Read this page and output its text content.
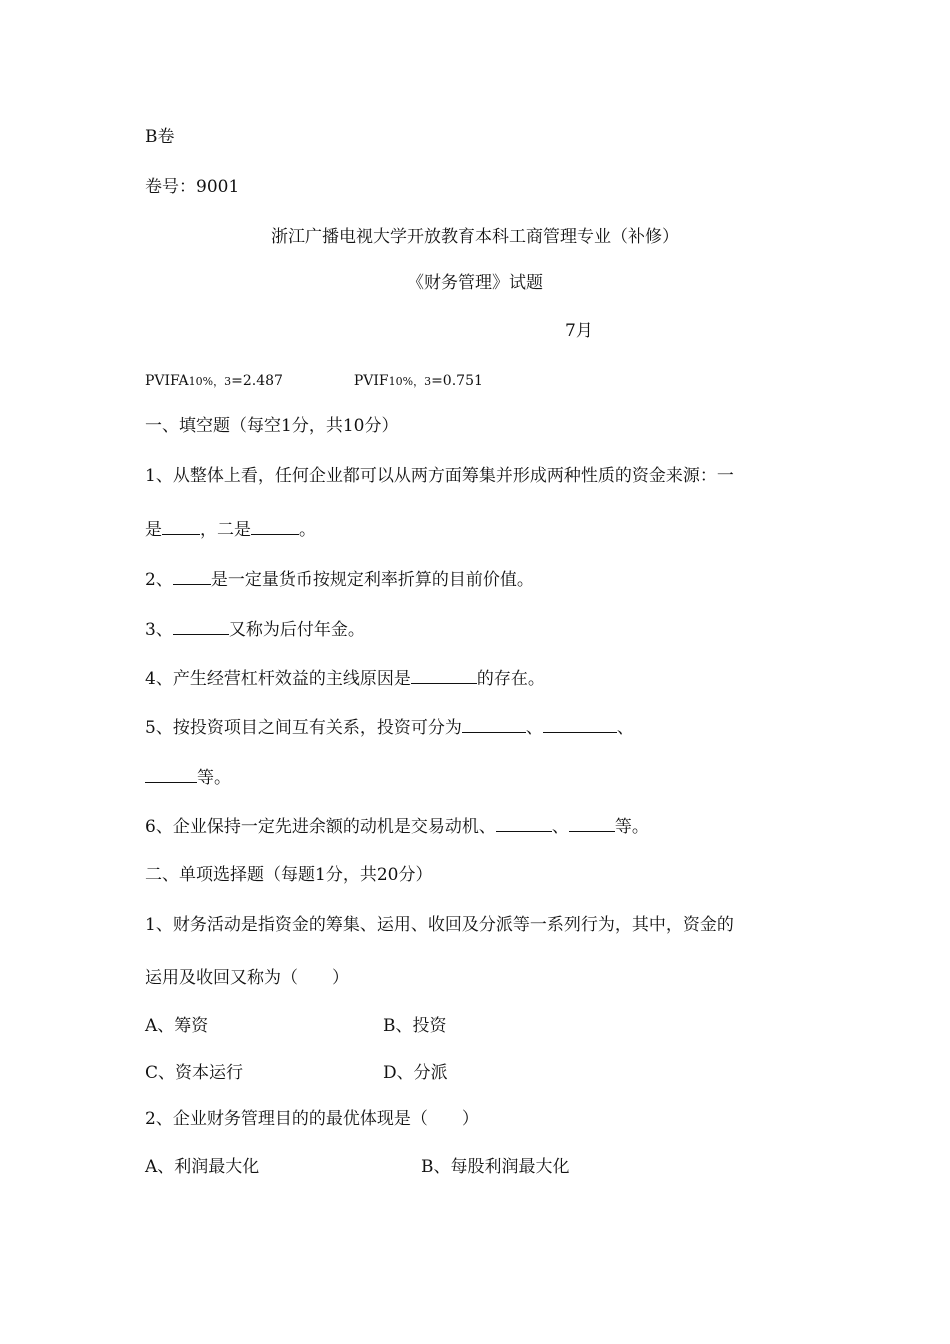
B卷
卷号：9001
浙江广播电视大学开放教育本科工商管理专业（补修）
《财务管理》试题
7月
PVIFA10%，3=2.487	PVIF10%，3=0.751
一、填空题（每空1分，共10分）
1、从整体上看，任何企业都可以从两方面筹集并形成两种性质的资金来源：一
是 ，二是	。
2、 是一定量货币按规定利率折算的目前价值。
3、	又称为后付年金。
4、产生经营杠杆效益的主线原因是	的存在。
5、按投资项目之间互有关系，投资可分为	、	、
等。
6、企业保持一定先进余额的动机是交易动机、	、	等。
二、单项选择题（每题1分，共20分）
1、财务活动是指资金的筹集、运用、收回及分派等一系列行为，其中，资金的
运用及收回又称为（　　）
A、筹资	B、投资
C、资本运行	D、分派
2、企业财务管理目的的最优体现是（　　）
A、利润最大化	B、每股利润最大化
